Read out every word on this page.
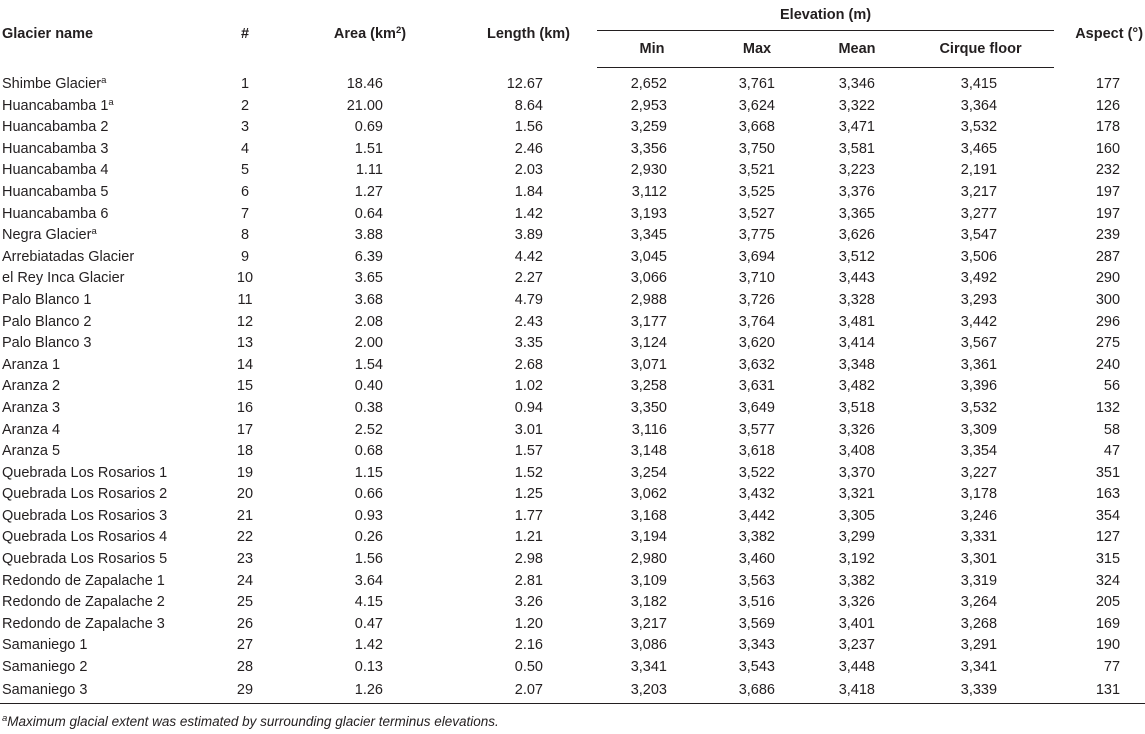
Glacier name	#	Area $(km^2)$	Length (km)	Elevation (m)				Aspect (°)
				Min	Max	Mean	Cirque floor	

Shimbe Glacier$^a$	1	18.46	12.67	2,652	3,761	3,346	3,415	177
Huancabamba 1$^a$	2	21.00	8.64	2,953	3,624	3,322	3,364	126
Huancabamba 2	3	0.69	1.56	3,259	3,668	3,471	3,532	178
Huancabamba 3	4	1.51	2.46	3,356	3,750	3,581	3,465	160
Huancabamba 4	5	1.11	2.03	2,930	3,521	3,223	2,191	232
Huancabamba 5	6	1.27	1.84	3,112	3,525	3,376	3,217	197
Huancabamba 6	7	0.64	1.42	3,193	3,527	3,365	3,277	197
Negra Glacier$^a$	8	3.88	3.89	3,345	3,775	3,626	3,547	239
Arrebiatadas Glacier	9	6.39	4.42	3,045	3,694	3,512	3,506	287
el Rey Inca Glacier	10	3.65	2.27	3,066	3,710	3,443	3,492	290
Palo Blanco 1	11	3.68	4.79	2,988	3,726	3,328	3,293	300
Palo Blanco 2	12	2.08	2.43	3,177	3,764	3,481	3,442	296
Palo Blanco 3	13	2.00	3.35	3,124	3,620	3,414	3,567	275
Aranza 1	14	1.54	2.68	3,071	3,632	3,348	3,361	240
Aranza 2	15	0.40	1.02	3,258	3,631	3,482	3,396	56
Aranza 3	16	0.38	0.94	3,350	3,649	3,518	3,532	132
Aranza 4	17	2.52	3.01	3,116	3,577	3,326	3,309	58
Aranza 5	18	0.68	1.57	3,148	3,618	3,408	3,354	47
Quebrada Los Rosarios 1	19	1.15	1.52	3,254	3,522	3,370	3,227	351
Quebrada Los Rosarios 2	20	0.66	1.25	3,062	3,432	3,321	3,178	163
Quebrada Los Rosarios 3	21	0.93	1.77	3,168	3,442	3,305	3,246	354
Quebrada Los Rosarios 4	22	0.26	1.21	3,194	3,382	3,299	3,331	127
Quebrada Los Rosarios 5	23	1.56	2.98	2,980	3,460	3,192	3,301	315
Redondo de Zapalache 1	24	3.64	2.81	3,109	3,563	3,382	3,319	324
Redondo de Zapalache 2	25	4.15	3.26	3,182	3,516	3,326	3,264	205
Redondo de Zapalache 3	26	0.47	1.20	3,217	3,569	3,401	3,268	169
Samaniego 1	27	1.42	2.16	3,086	3,343	3,237	3,291	190
Samaniego 2	28	0.13	0.50	3,341	3,543	3,448	3,341	77
Samaniego 3	29	1.26	2.07	3,203	3,686	3,418	3,339	131
$^a$Maximum glacial extent was estimated by surrounding glacier terminus elevations.
